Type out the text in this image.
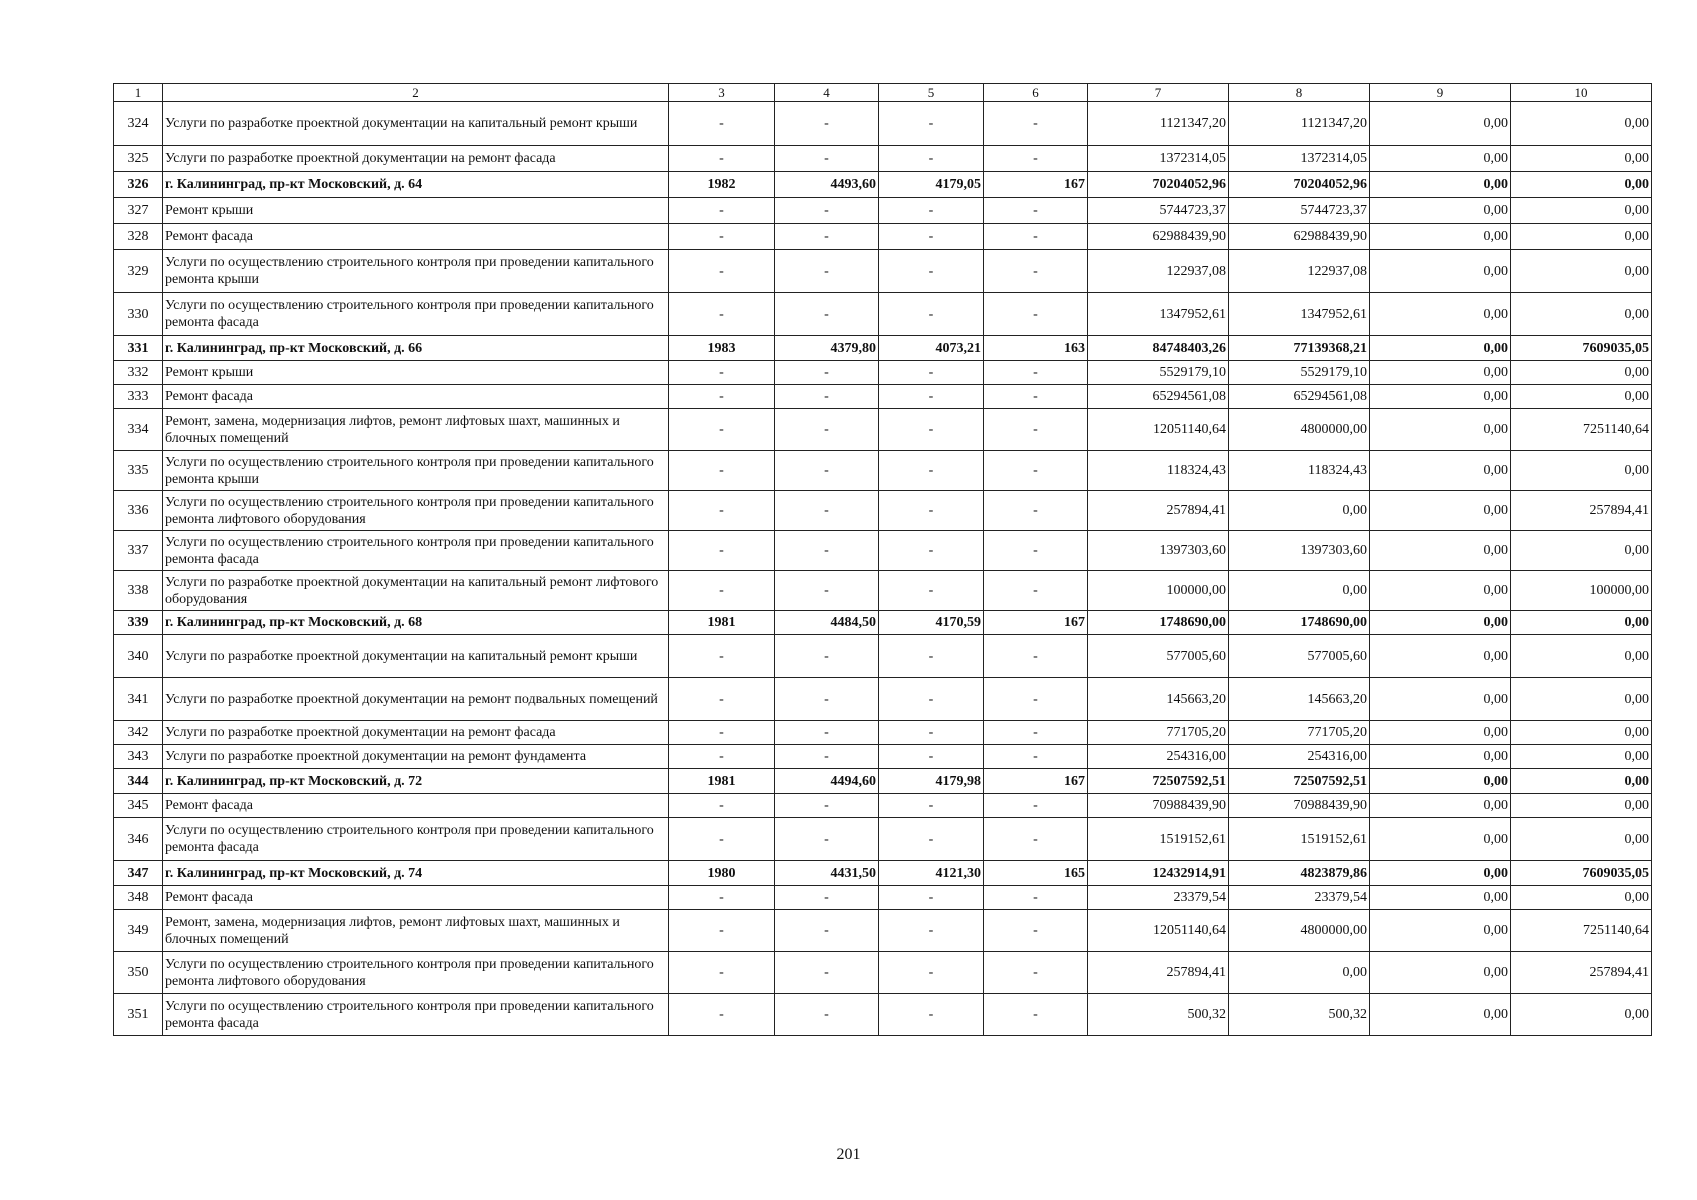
1	2	3	4	5	6	7	8	9	10
324	Услуги по разработке проектной документации на капитальный ремонт крыши	-	-	-	-	1121347,20	1121347,20	0,00	0,00
325	Услуги по разработке проектной документации на ремонт фасада	-	-	-	-	1372314,05	1372314,05	0,00	0,00
326	г. Калининград, пр-кт Московский, д. 64	1982	4493,60	4179,05	167	70204052,96	70204052,96	0,00	0,00
327	Ремонт крыши	-	-	-	-	5744723,37	5744723,37	0,00	0,00
328	Ремонт фасада	-	-	-	-	62988439,90	62988439,90	0,00	0,00
329	Услуги по осуществлению строительного контроля при проведении капитального ремонта крыши	-	-	-	-	122937,08	122937,08	0,00	0,00
330	Услуги по осуществлению строительного контроля при проведении капитального ремонта фасада	-	-	-	-	1347952,61	1347952,61	0,00	0,00
331	г. Калининград, пр-кт Московский, д. 66	1983	4379,80	4073,21	163	84748403,26	77139368,21	0,00	7609035,05
332	Ремонт крыши	-	-	-	-	5529179,10	5529179,10	0,00	0,00
333	Ремонт фасада	-	-	-	-	65294561,08	65294561,08	0,00	0,00
334	Ремонт, замена, модернизация лифтов, ремонт лифтовых шахт, машинных и блочных помещений	-	-	-	-	12051140,64	4800000,00	0,00	7251140,64
335	Услуги по осуществлению строительного контроля при проведении капитального ремонта крыши	-	-	-	-	118324,43	118324,43	0,00	0,00
336	Услуги по осуществлению строительного контроля при проведении капитального ремонта лифтового оборудования	-	-	-	-	257894,41	0,00	0,00	257894,41
337	Услуги по осуществлению строительного контроля при проведении капитального ремонта фасада	-	-	-	-	1397303,60	1397303,60	0,00	0,00
338	Услуги по разработке проектной документации на капитальный ремонт лифтового оборудования	-	-	-	-	100000,00	0,00	0,00	100000,00
339	г. Калининград, пр-кт Московский, д. 68	1981	4484,50	4170,59	167	1748690,00	1748690,00	0,00	0,00
340	Услуги по разработке проектной документации на капитальный ремонт крыши	-	-	-	-	577005,60	577005,60	0,00	0,00
341	Услуги по разработке проектной документации на ремонт подвальных помещений	-	-	-	-	145663,20	145663,20	0,00	0,00
342	Услуги по разработке проектной документации на ремонт фасада	-	-	-	-	771705,20	771705,20	0,00	0,00
343	Услуги по разработке проектной документации на ремонт фундамента	-	-	-	-	254316,00	254316,00	0,00	0,00
344	г. Калининград, пр-кт Московский, д. 72	1981	4494,60	4179,98	167	72507592,51	72507592,51	0,00	0,00
345	Ремонт фасада	-	-	-	-	70988439,90	70988439,90	0,00	0,00
346	Услуги по осуществлению строительного контроля при проведении капитального ремонта фасада	-	-	-	-	1519152,61	1519152,61	0,00	0,00
347	г. Калининград, пр-кт Московский, д. 74	1980	4431,50	4121,30	165	12432914,91	4823879,86	0,00	7609035,05
348	Ремонт фасада	-	-	-	-	23379,54	23379,54	0,00	0,00
349	Ремонт, замена, модернизация лифтов, ремонт лифтовых шахт, машинных и блочных помещений	-	-	-	-	12051140,64	4800000,00	0,00	7251140,64
350	Услуги по осуществлению строительного контроля при проведении капитального ремонта лифтового оборудования	-	-	-	-	257894,41	0,00	0,00	257894,41
351	Услуги по осуществлению строительного контроля при проведении капитального ремонта фасада	-	-	-	-	500,32	500,32	0,00	0,00
201
